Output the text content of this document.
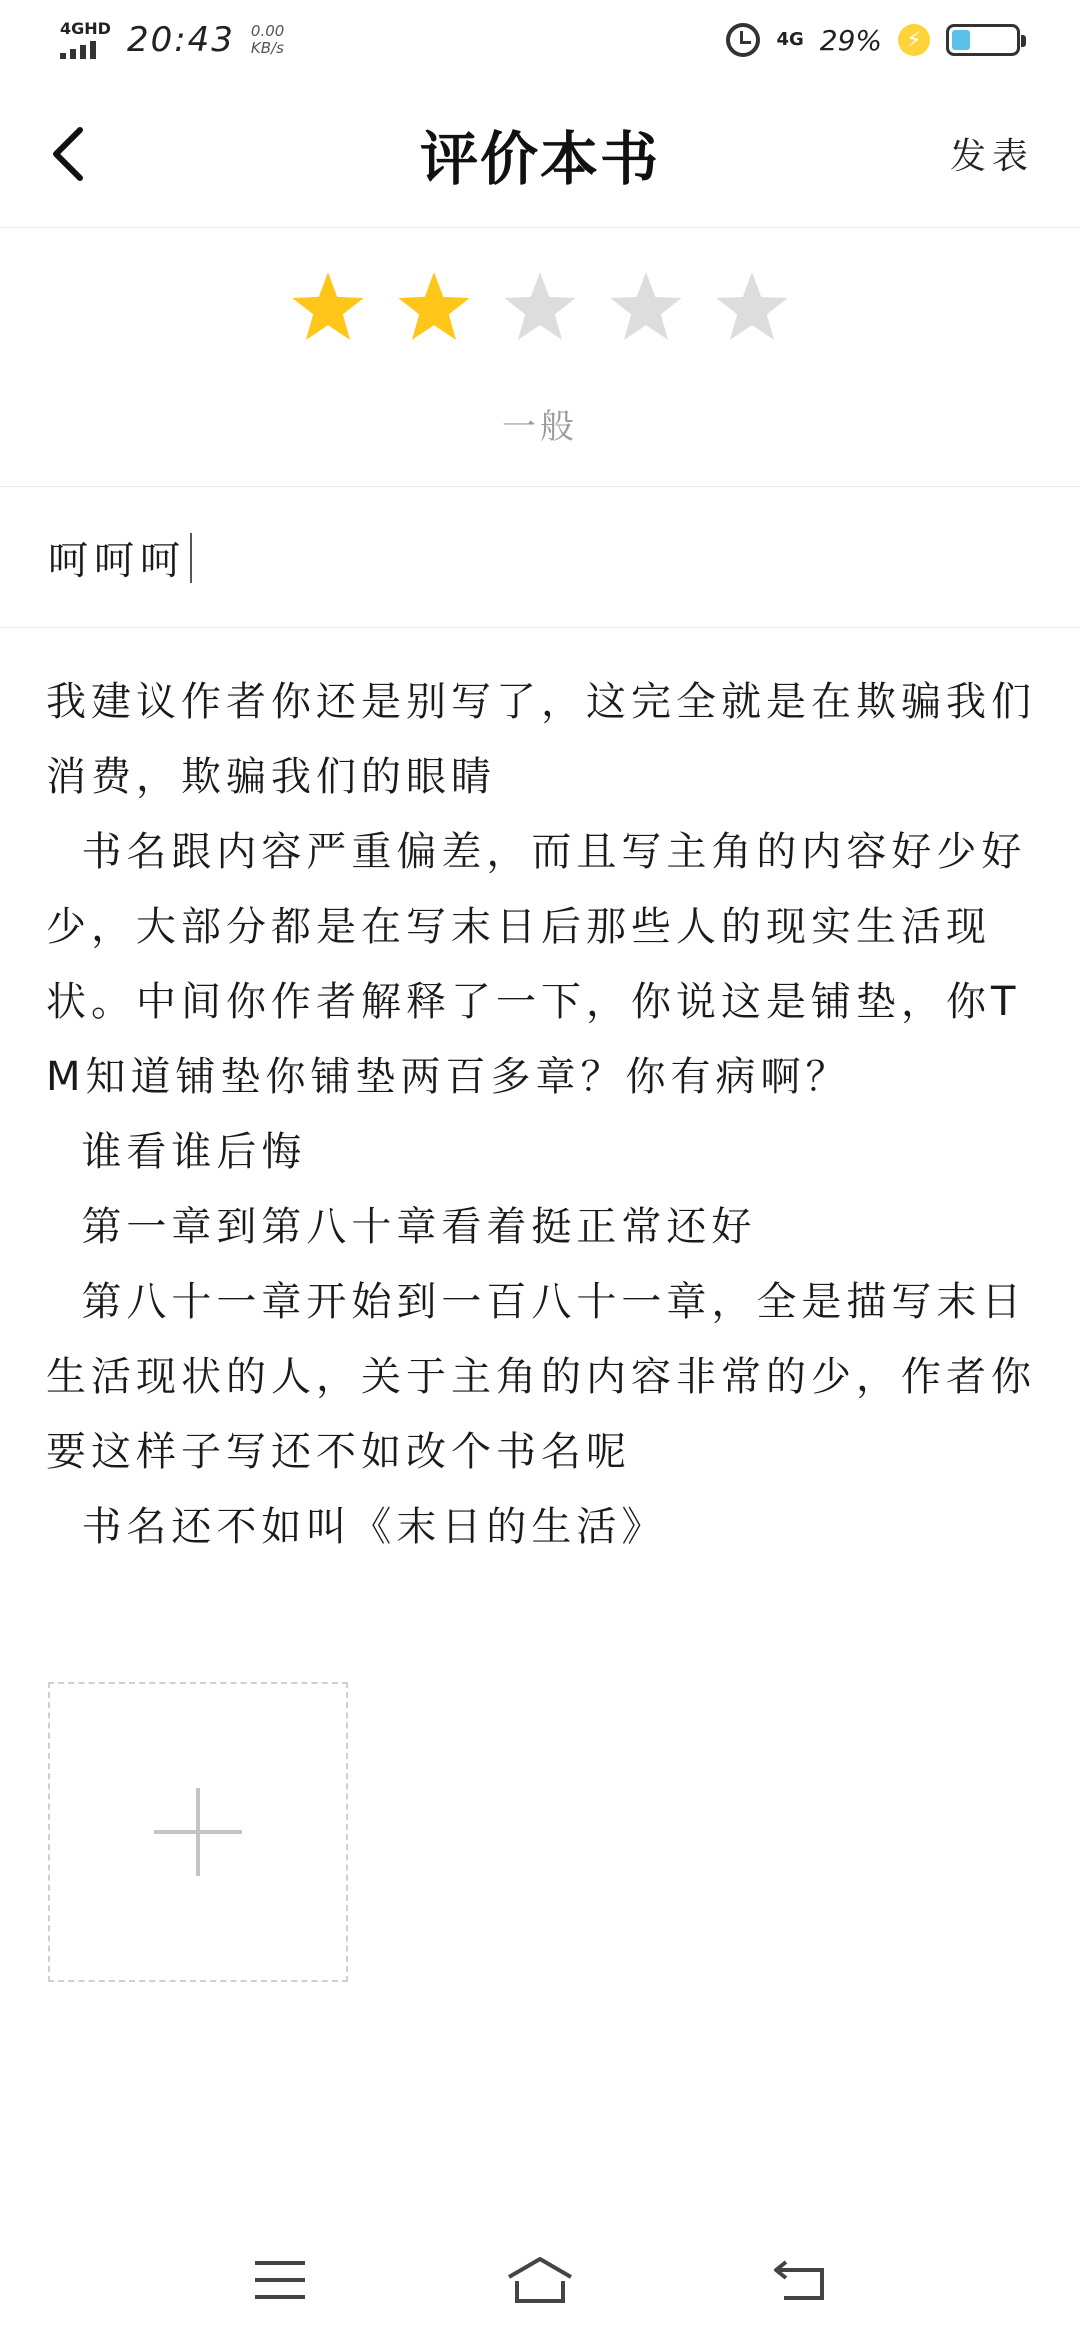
4GHD 20:43 0.00
KB/s	4G 29%	⚡
评价本书	发表
一般
呵呵呵
我建议作者你还是别写了，这完全就是在欺骗我们消费，欺骗我们的眼睛
书名跟内容严重偏差，而且写主角的内容好少好少，大部分都是在写末日后那些人的现实生活现状。中间你作者解释了一下，你说这是铺垫，你TM知道铺垫你铺垫两百多章？你有病啊？
谁看谁后悔
第一章到第八十章看着挺正常还好
第八十一章开始到一百八十一章，全是描写末日生活现状的人，关于主角的内容非常的少，作者你要这样子写还不如改个书名呢
书名还不如叫《末日的生活》
